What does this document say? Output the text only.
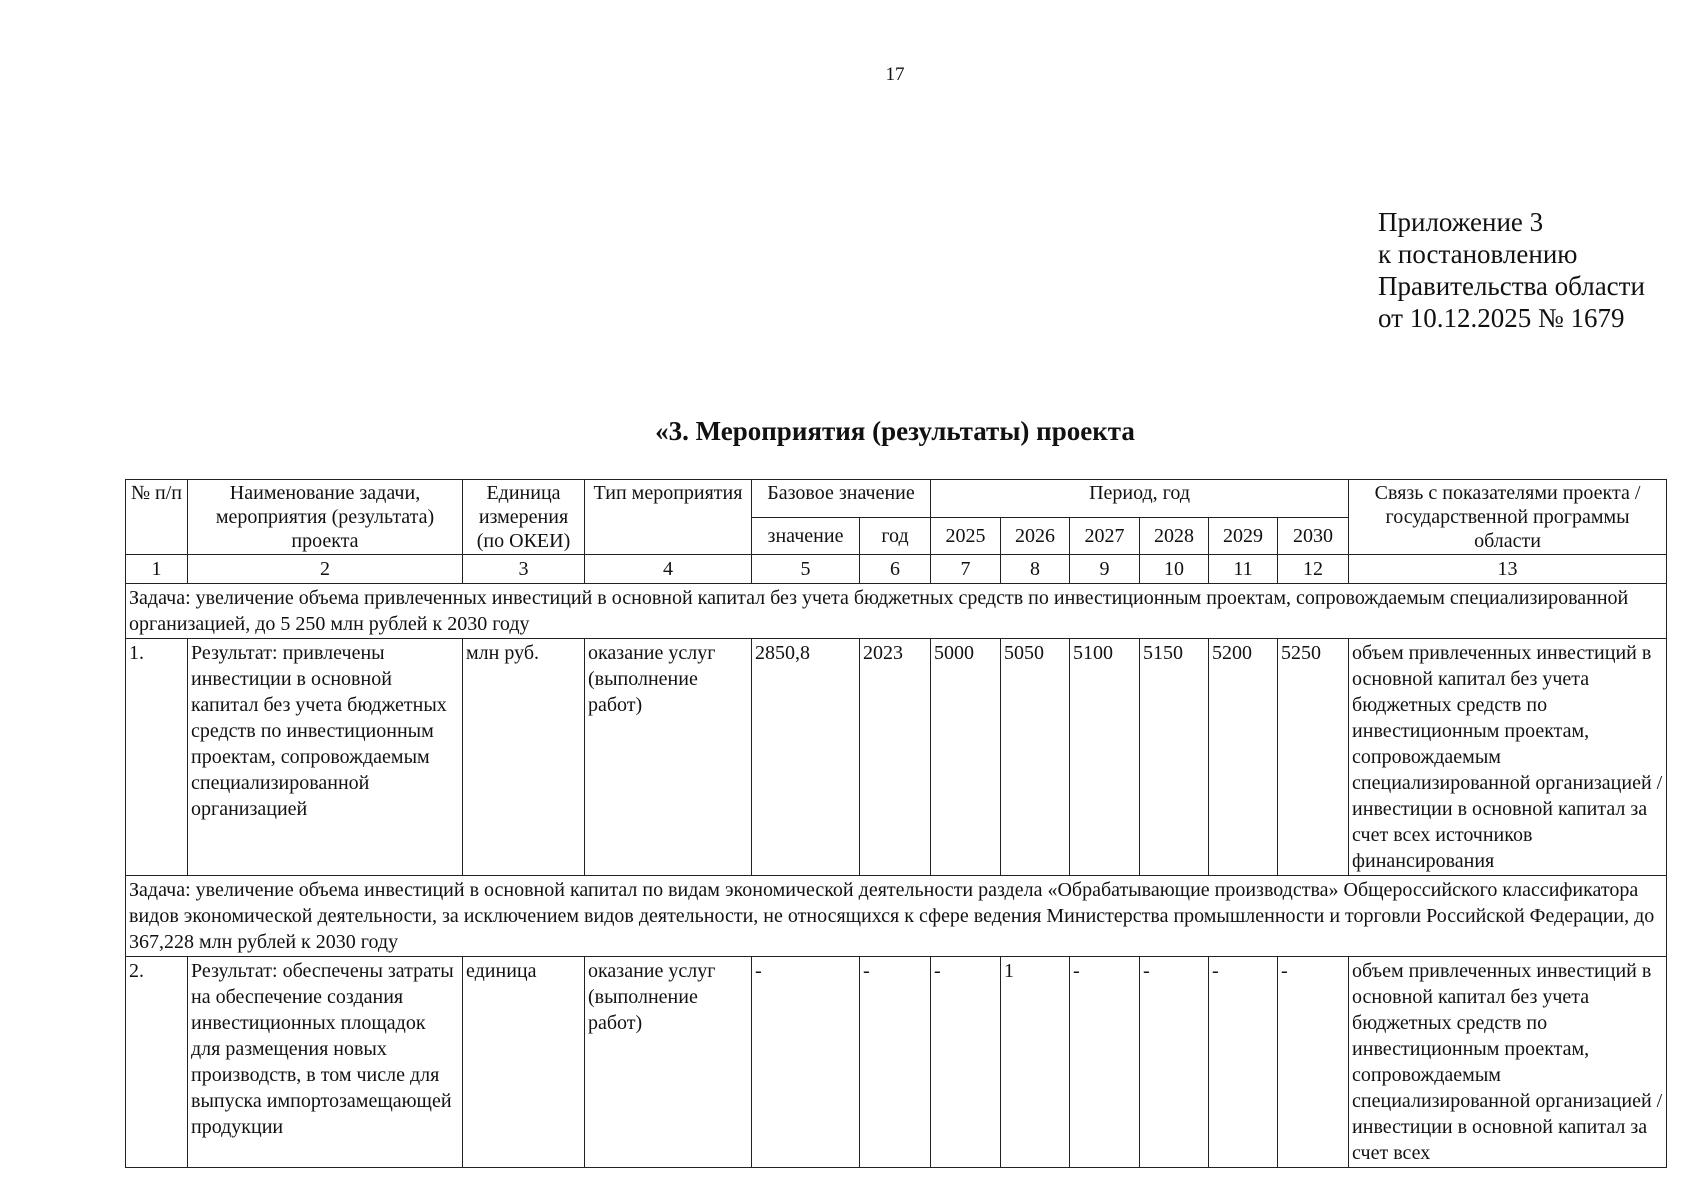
17
Приложение 3
к постановлению
Правительства области
от 10.12.2025 № 1679
«3. Мероприятия (результаты) проекта
№ п/п	Наименование задачи, мероприятия (результата) проекта	Единица измерения (по ОКЕИ)	Тип мероприятия	Базовое значение		Период, год						Связь с показателями проекта / государственной программы области
				значение	год	2025	2026	2027	2028	2029	2030	
1	2	3	4	5	6	7	8	9	10	11	12	13
Задача: увеличение объема привлеченных инвестиций в основной капитал без учета бюджетных средств по инвестиционным проектам, сопровождаемым специализированной организацией, до 5 250 млн рублей к 2030 году												
1.	Результат: привлечены инвестиции в основной капитал без учета бюджетных средств по инвестиционным проектам, сопровождаемым специализированной организацией	млн руб.	оказание услуг (выполнение работ)	2850,8	2023	5000	5050	5100	5150	5200	5250	объем привлеченных инвестиций в основной капитал без учета бюджетных средств по инвестиционным проектам, сопровождаемым специализированной организацией / инвестиции в основной капитал за счет всех источников финансирования
Задача: увеличение объема инвестиций в основной капитал по видам экономической деятельности раздела «Обрабатывающие производства» Общероссийского классификатора видов экономической деятельности, за исключением видов деятельности, не относящихся к сфере ведения Министерства промышленности и торговли Российской Федерации, до 367,228 млн рублей к 2030 году												
2.	Результат: обеспечены затраты на обеспечение создания инвестиционных площадок для размещения новых производств, в том числе для выпуска импортозамещающей продукции	единица	оказание услуг (выполнение работ)	-	-	-	1	-	-	-	-	объем привлеченных инвестиций в основной капитал без учета бюджетных средств по инвестиционным проектам, сопровождаемым специализированной организацией / инвестиции в основной капитал за счет всех
